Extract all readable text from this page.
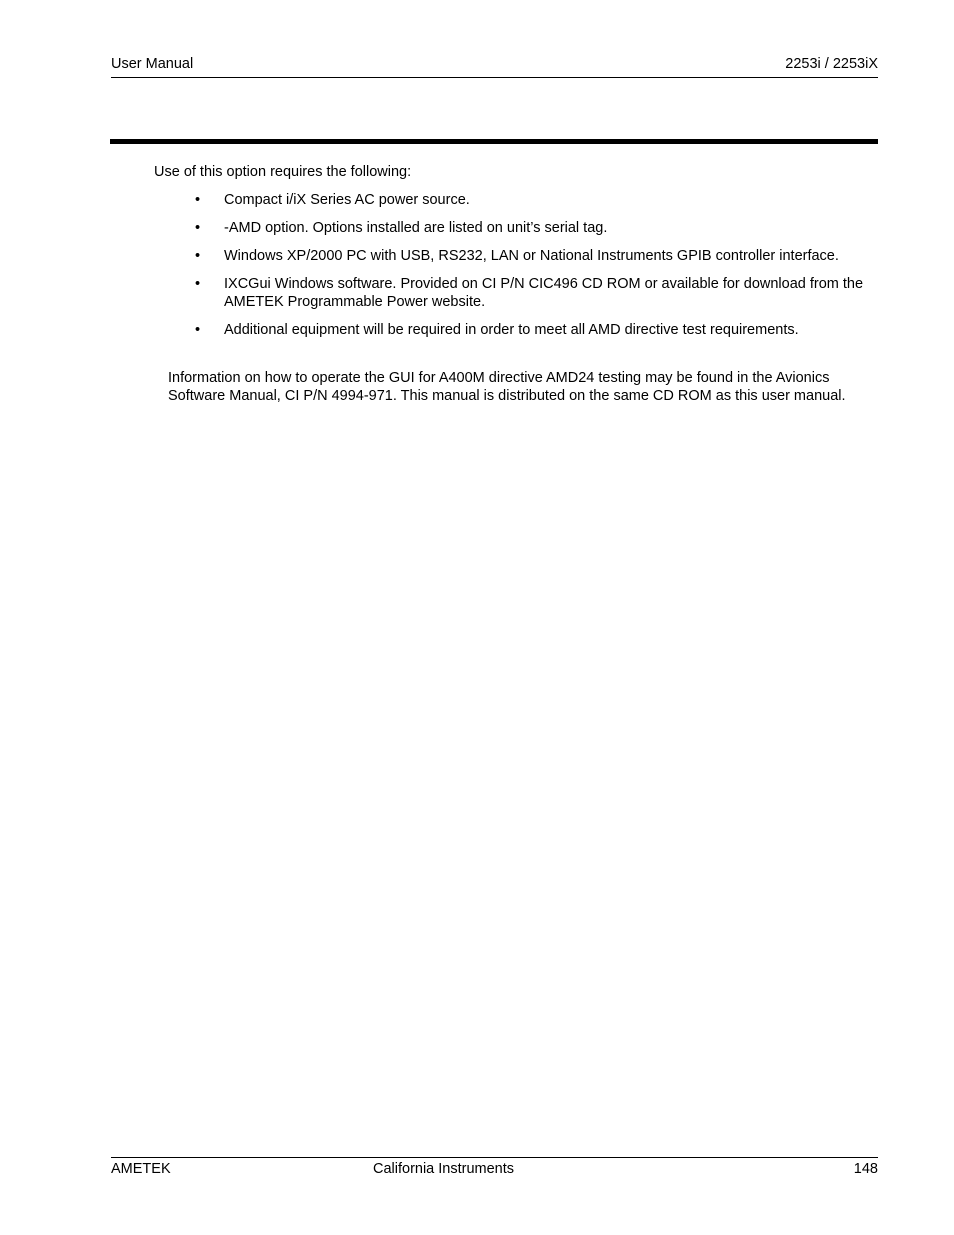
User Manual	2253i / 2253iX
Use of this option requires the following:
• Compact i/iX Series AC power source.
• -AMD option. Options installed are listed on unit’s serial tag.
• Windows XP/2000 PC with USB, RS232, LAN or National Instruments GPIB controller interface.
• IXCGui Windows software. Provided on CI P/N CIC496 CD ROM or available for download from the AMETEK Programmable Power website.
• Additional equipment will be required in order to meet all AMD directive test requirements.
Information on how to operate the GUI for A400M directive AMD24 testing may be found in the Avionics Software Manual, CI P/N 4994-971. This manual is distributed on the same CD ROM as this user manual.
AMETEK	California Instruments	148
